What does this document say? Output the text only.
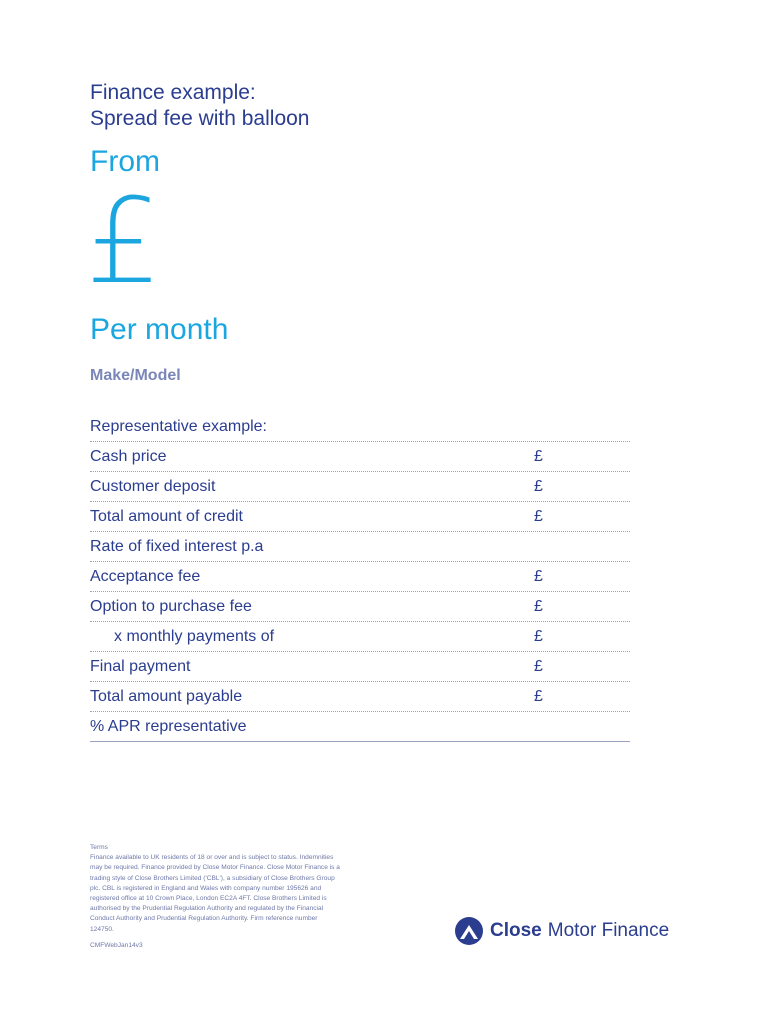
Finance example:
Spread fee with balloon
From
£
Per month
Make/Model
Representative example:
Cash price	£
Customer deposit	£
Total amount of credit	£
Rate of fixed interest p.a
Acceptance fee	£
Option to purchase fee	£
x monthly payments of	£
Final payment	£
Total amount payable	£
% APR representative

Terms

Finance available to UK residents of 18 or over and is subject to status. Indemnities may be required. Finance provided by Close Motor Finance. Close Motor Finance is a trading style of Close Brothers Limited ('CBL'), a subsidiary of Close Brothers Group plc. CBL is registered in England and Wales with company number 195626 and registered office at 10 Crown Place, London EC2A 4FT. Close Brothers Limited is authorised by the Prudential Regulation Authority and regulated by the Financial Conduct Authority and Prudential Regulation Authority. Firm reference number 124750.

CMFWebJan14v3

Close Motor Finance
